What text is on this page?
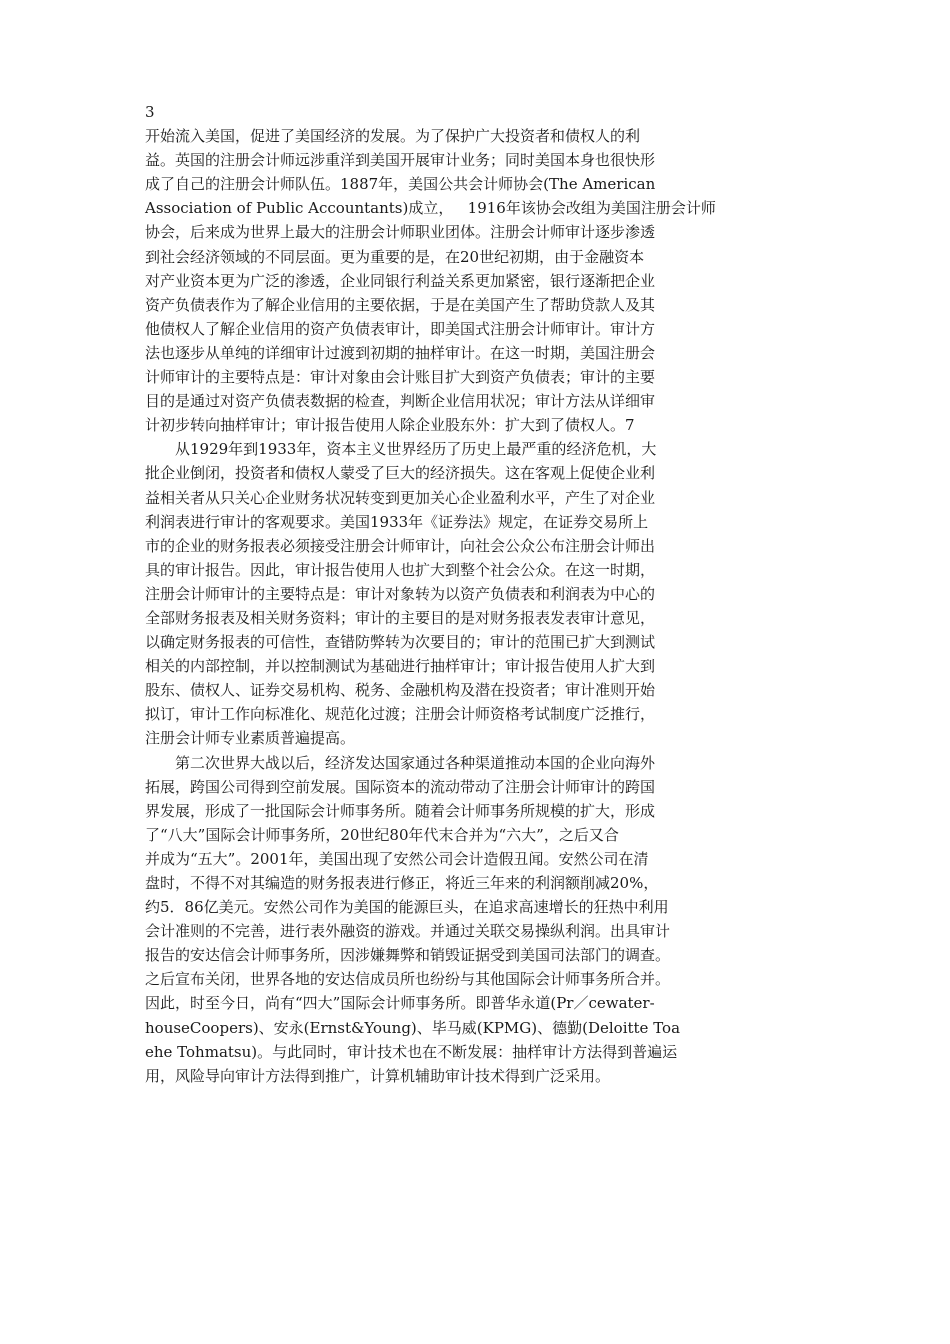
3
开始流入美国，促进了美国经济的发展。为了保护广大投资者和债权人的利
益。英国的注册会计师远涉重洋到美国开展审计业务；同时美国本身也很快形
成了自己的注册会计师队伍。1887年，美国公共会计师协会(The American
Association of Public Accountants)成立，   1916年该协会改组为美国注册会计师
协会，后来成为世界上最大的注册会计师职业团体。注册会计师审计逐步渗透
到社会经济领域的不同层面。更为重要的是，在20世纪初期，由于金融资本
对产业资本更为广泛的渗透，企业同银行利益关系更加紧密，银行逐渐把企业
资产负债表作为了解企业信用的主要依据，于是在美国产生了帮助贷款人及其
他债权人了解企业信用的资产负债表审计，即美国式注册会计师审计。审计方
法也逐步从单纯的详细审计过渡到初期的抽样审计。在这一时期，美国注册会
计师审计的主要特点是：审计对象由会计账目扩大到资产负债表；审计的主要
目的是通过对资产负债表数据的检查，判断企业信用状况；审计方法从详细审
计初步转向抽样审计；审计报告使用人除企业股东外：扩大到了债权人。7
从1929年到1933年，资本主义世界经历了历史上最严重的经济危机，大
批企业倒闭，投资者和债权人蒙受了巨大的经济损失。这在客观上促使企业利
益相关者从只关心企业财务状况转变到更加关心企业盈利水平，产生了对企业
利润表进行审计的客观要求。美国1933年《证券法》规定，在证券交易所上
市的企业的财务报表必须接受注册会计师审计，向社会公众公布注册会计师出
具的审计报告。因此，审计报告使用人也扩大到整个社会公众。在这一时期，
注册会计师审计的主要特点是：审计对象转为以资产负债表和利润表为中心的
全部财务报表及相关财务资料；审计的主要目的是对财务报表发表审计意见，
以确定财务报表的可信性，查错防弊转为次要目的；审计的范围已扩大到测试
相关的内部控制，并以控制测试为基础进行抽样审计；审计报告使用人扩大到
股东、债权人、证券交易机构、税务、金融机构及潜在投资者；审计准则开始
拟订，审计工作向标准化、规范化过渡；注册会计师资格考试制度广泛推行，
注册会计师专业素质普遍提高。
第二次世界大战以后，经济发达国家通过各种渠道推动本国的企业向海外
拓展，跨国公司得到空前发展。国际资本的流动带动了注册会计师审计的跨国
界发展，形成了一批国际会计师事务所。随着会计师事务所规模的扩大，形成
了“八大”国际会计师事务所，20世纪80年代末合并为“六大”，之后又合
并成为“五大”。2001年，美国出现了安然公司会计造假丑闻。安然公司在清
盘时，不得不对其编造的财务报表进行修正，将近三年来的利润额削减20%，
约5．86亿美元。安然公司作为美国的能源巨头，在追求高速增长的狂热中利用
会计准则的不完善，进行表外融资的游戏。并通过关联交易操纵利润。出具审计
报告的安达信会计师事务所，因涉嫌舞弊和销毁证据受到美国司法部门的调查。
之后宣布关闭，世界各地的安达信成员所也纷纷与其他国际会计师事务所合并。
因此，时至今日，尚有“四大”国际会计师事务所。即普华永道(Pr／cewater-
houseCoopers)、安永(Ernst&Young)、毕马威(KPMG)、德勤(Deloitte Toa
ehe Tohmatsu)。与此同时，审计技术也在不断发展：抽样审计方法得到普遍运
用，风险导向审计方法得到推广，计算机辅助审计技术得到广泛采用。
